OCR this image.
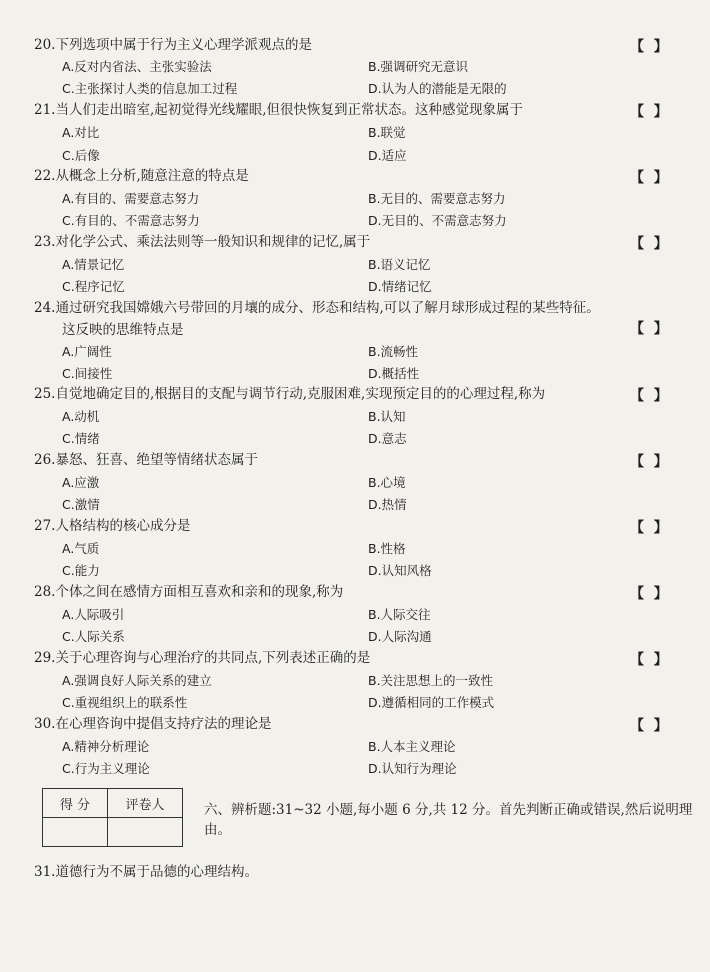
20.下列选项中属于行为主义心理学派观点的是	【  】
A.反对内省法、主张实验法	B.强调研究无意识
C.主张探讨人类的信息加工过程	D.认为人的潜能是无限的
21.当人们走出暗室,起初觉得光线耀眼,但很快恢复到正常状态。这种感觉现象属于	【  】
A.对比	B.联觉
C.后像	D.适应
22.从概念上分析,随意注意的特点是	【  】
A.有目的、需要意志努力	B.无目的、需要意志努力
C.有目的、不需意志努力	D.无目的、不需意志努力
23.对化学公式、乘法法则等一般知识和规律的记忆,属于	【  】
A.情景记忆	B.语义记忆
C.程序记忆	D.情绪记忆
24.通过研究我国嫦娥六号带回的月壤的成分、形态和结构,可以了解月球形成过程的某些特征。
这反映的思维特点是	【  】
A.广阔性	B.流畅性
C.间接性	D.概括性
25.自觉地确定目的,根据目的支配与调节行动,克服困难,实现预定目的的心理过程,称为	【  】
A.动机	B.认知
C.情绪	D.意志
26.暴怒、狂喜、绝望等情绪状态属于	【  】
A.应激	B.心境
C.激情	D.热情
27.人格结构的核心成分是	【  】
A.气质	B.性格
C.能力	D.认知风格
28.个体之间在感情方面相互喜欢和亲和的现象,称为	【  】
A.人际吸引	B.人际交往
C.人际关系	D.人际沟通
29.关于心理咨询与心理治疗的共同点,下列表述正确的是	【  】
A.强调良好人际关系的建立	B.关注思想上的一致性
C.重视组织上的联系性	D.遵循相同的工作模式
30.在心理咨询中提倡支持疗法的理论是	【  】
A.精神分析理论	B.人本主义理论
C.行为主义理论	D.认知行为理论
得 分	评卷人
		六、辨析题:31~32 小题,每小题 6 分,共 12 分。首先判断正确或错误,然后说明理由。
31.道德行为不属于品德的心理结构。
